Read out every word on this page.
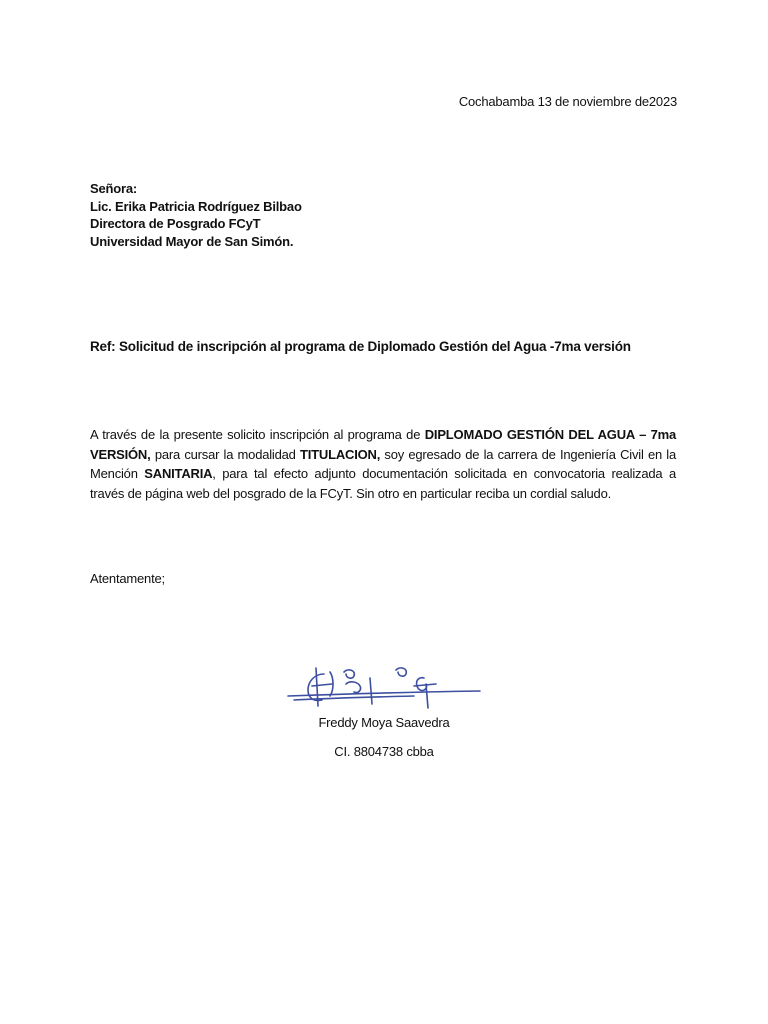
Cochabamba 13 de noviembre de2023
Señora:
Lic. Erika Patricia Rodríguez Bilbao
Directora de Posgrado FCyT
Universidad Mayor de San Simón.
Ref: Solicitud de inscripción al programa de Diplomado Gestión del Agua -7ma versión
A través de la presente solicito inscripción al programa de DIPLOMADO GESTIÓN DEL AGUA – 7ma VERSIÓN, para cursar la modalidad TITULACION, soy egresado de la carrera de Ingeniería Civil en la Mención SANITARIA, para tal efecto adjunto documentación solicitada en convocatoria realizada a través de página web del posgrado de la FCyT. Sin otro en particular reciba un cordial saludo.
Atentamente;
Freddy Moya Saavedra
CI. 8804738 cbba
